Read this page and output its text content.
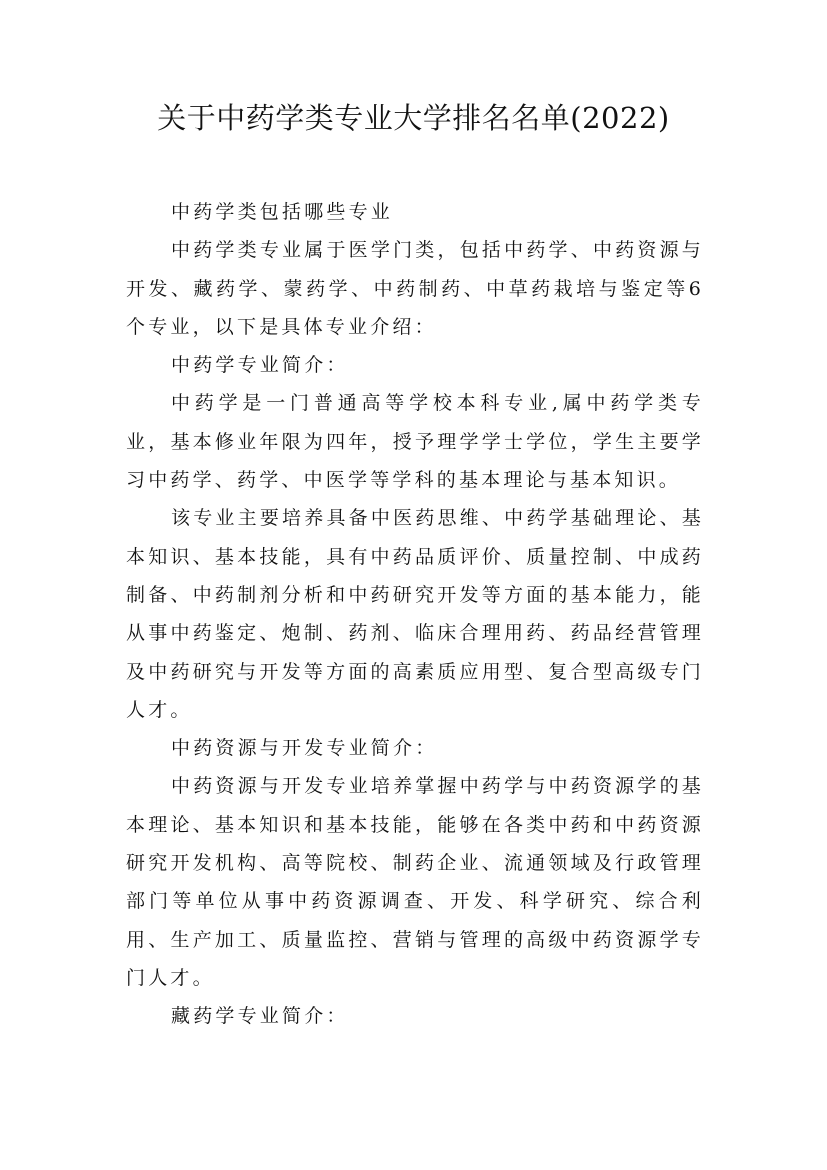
关于中药学类专业大学排名名单(2022)

中药学类包括哪些专业

中药学类专业属于医学门类，包括中药学、中药资源与开发、藏药学、蒙药学、中药制药、中草药栽培与鉴定等6个专业，以下是具体专业介绍：

中药学专业简介：

中药学是一门普通高等学校本科专业,属中药学类专业，基本修业年限为四年，授予理学学士学位，学生主要学习中药学、药学、中医学等学科的基本理论与基本知识。

该专业主要培养具备中医药思维、中药学基础理论、基本知识、基本技能，具有中药品质评价、质量控制、中成药制备、中药制剂分析和中药研究开发等方面的基本能力，能从事中药鉴定、炮制、药剂、临床合理用药、药品经营管理及中药研究与开发等方面的高素质应用型、复合型高级专门人才。

中药资源与开发专业简介：

中药资源与开发专业培养掌握中药学与中药资源学的基本理论、基本知识和基本技能，能够在各类中药和中药资源研究开发机构、高等院校、制药企业、流通领域及行政管理部门等单位从事中药资源调查、开发、科学研究、综合利用、生产加工、质量监控、营销与管理的高级中药资源学专门人才。

藏药学专业简介：
